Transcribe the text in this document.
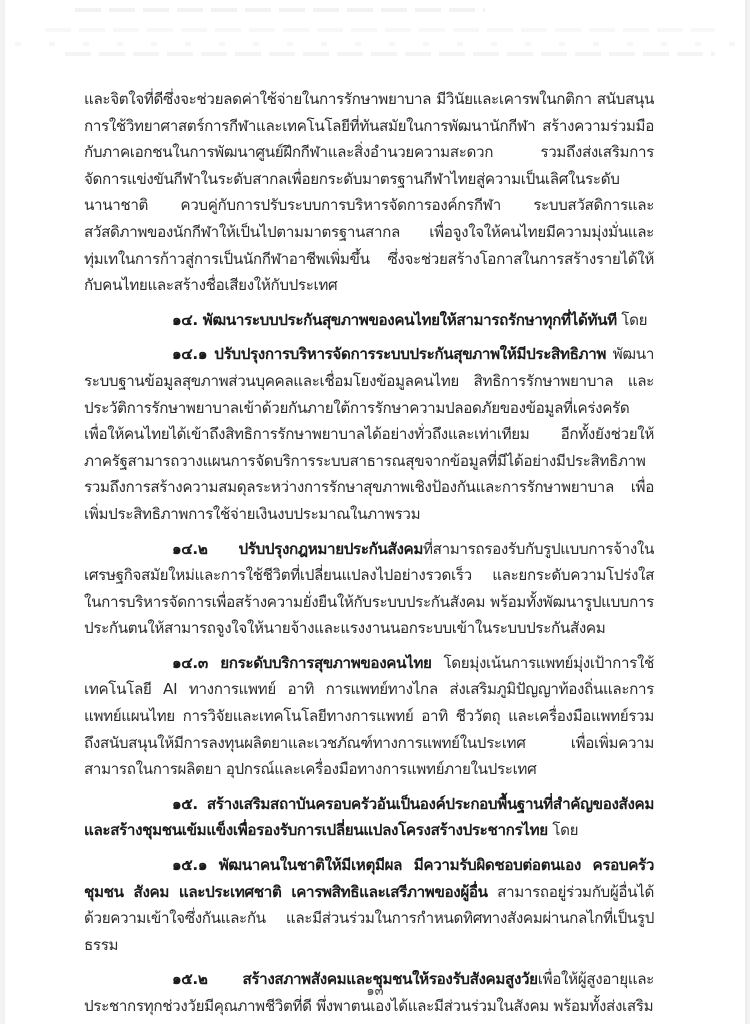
และจิตใจที่ดีซึ่งจะช่วยลดค่าใช้จ่ายในการรักษาพยาบาล มีวินัยและเคารพในกติกา สนับสนุนการใช้วิทยาศาสตร์การกีฬาและเทคโนโลยีที่ทันสมัยในการพัฒนานักกีฬา สร้างความร่วมมือกับภาคเอกชนในการพัฒนาศูนย์ฝึกกีฬาและสิ่งอำนวยความสะดวก รวมถึงส่งเสริมการจัดการแข่งขันกีฬาในระดับสากลเพื่อยกระดับมาตรฐานกีฬาไทยสู่ความเป็นเลิศในระดับนานาชาติ ควบคู่กับการปรับระบบการบริหารจัดการองค์กรกีฬา ระบบสวัสดิการและสวัสดิภาพของนักกีฬาให้เป็นไปตามมาตรฐานสากล เพื่อจูงใจให้คนไทยมีความมุ่งมั่นและทุ่มเทในการก้าวสู่การเป็นนักกีฬาอาชีพเพิ่มขึ้น ซึ่งจะช่วยสร้างโอกาสในการสร้างรายได้ให้กับคนไทยและสร้างชื่อเสียงให้กับประเทศ

๑๔. พัฒนาระบบประกันสุขภาพของคนไทยให้สามารถรักษาทุกที่ได้ทันที โดย

๑๔.๑ ปรับปรุงการบริหารจัดการระบบประกันสุขภาพให้มีประสิทธิภาพ พัฒนาระบบฐานข้อมูลสุขภาพส่วนบุคคลและเชื่อมโยงข้อมูลคนไทย สิทธิการรักษาพยาบาล และประวัติการรักษาพยาบาลเข้าด้วยกันภายใต้การรักษาความปลอดภัยของข้อมูลที่เคร่งครัด เพื่อให้คนไทยได้เข้าถึงสิทธิการรักษาพยาบาลได้อย่างทั่วถึงและเท่าเทียม อีกทั้งยังช่วยให้ภาครัฐสามารถวางแผนการจัดบริการระบบสาธารณสุขจากข้อมูลที่มีได้อย่างมีประสิทธิภาพ รวมถึงการสร้างความสมดุลระหว่างการรักษาสุขภาพเชิงป้องกันและการรักษาพยาบาล เพื่อเพิ่มประสิทธิภาพการใช้จ่ายเงินงบประมาณในภาพรวม

๑๔.๒ ปรับปรุงกฎหมายประกันสังคมที่สามารถรองรับกับรูปแบบการจ้างในเศรษฐกิจสมัยใหม่และการใช้ชีวิตที่เปลี่ยนแปลงไปอย่างรวดเร็ว และยกระดับความโปร่งใสในการบริหารจัดการเพื่อสร้างความยั่งยืนให้กับระบบประกันสังคม พร้อมทั้งพัฒนารูปแบบการประกันตนให้สามารถจูงใจให้นายจ้างและแรงงานนอกระบบเข้าในระบบประกันสังคม

๑๔.๓ ยกระดับบริการสุขภาพของคนไทย โดยมุ่งเน้นการแพทย์มุ่งเป้าการใช้เทคโนโลยี AI ทางการแพทย์ อาทิ การแพทย์ทางไกล ส่งเสริมภูมิปัญญาท้องถิ่นและการแพทย์แผนไทย การวิจัยและเทคโนโลยีทางการแพทย์ อาทิ ชีววัตถุ และเครื่องมือแพทย์รวมถึงสนับสนุนให้มีการลงทุนผลิตยาและเวชภัณฑ์ทางการแพทย์ในประเทศ เพื่อเพิ่มความสามารถในการผลิตยา อุปกรณ์และเครื่องมือทางการแพทย์ภายในประเทศ

๑๕. สร้างเสริมสถาบันครอบครัวอันเป็นองค์ประกอบพื้นฐานที่สำคัญของสังคมและสร้างชุมชนเข้มแข็งเพื่อรองรับการเปลี่ยนแปลงโครงสร้างประชากรไทย โดย

๑๕.๑ พัฒนาคนในชาติให้มีเหตุมีผล มีความรับผิดชอบต่อตนเอง ครอบครัว ชุมชน สังคม และประเทศชาติ เคารพสิทธิและเสรีภาพของผู้อื่น สามารถอยู่ร่วมกับผู้อื่นได้ด้วยความเข้าใจซึ่งกันและกัน และมีส่วนร่วมในการกำหนดทิศทางสังคมผ่านกลไกที่เป็นรูปธรรม

๑๕.๒ สร้างสภาพสังคมและชุมชนให้รองรับสังคมสูงวัยเพื่อให้ผู้สูงอายุและประชากรทุกช่วงวัยมีคุณภาพชีวิตที่ดี พึ่งพาตนเองได้และมีส่วนร่วมในสังคม พร้อมทั้งส่งเสริม

๑๓
